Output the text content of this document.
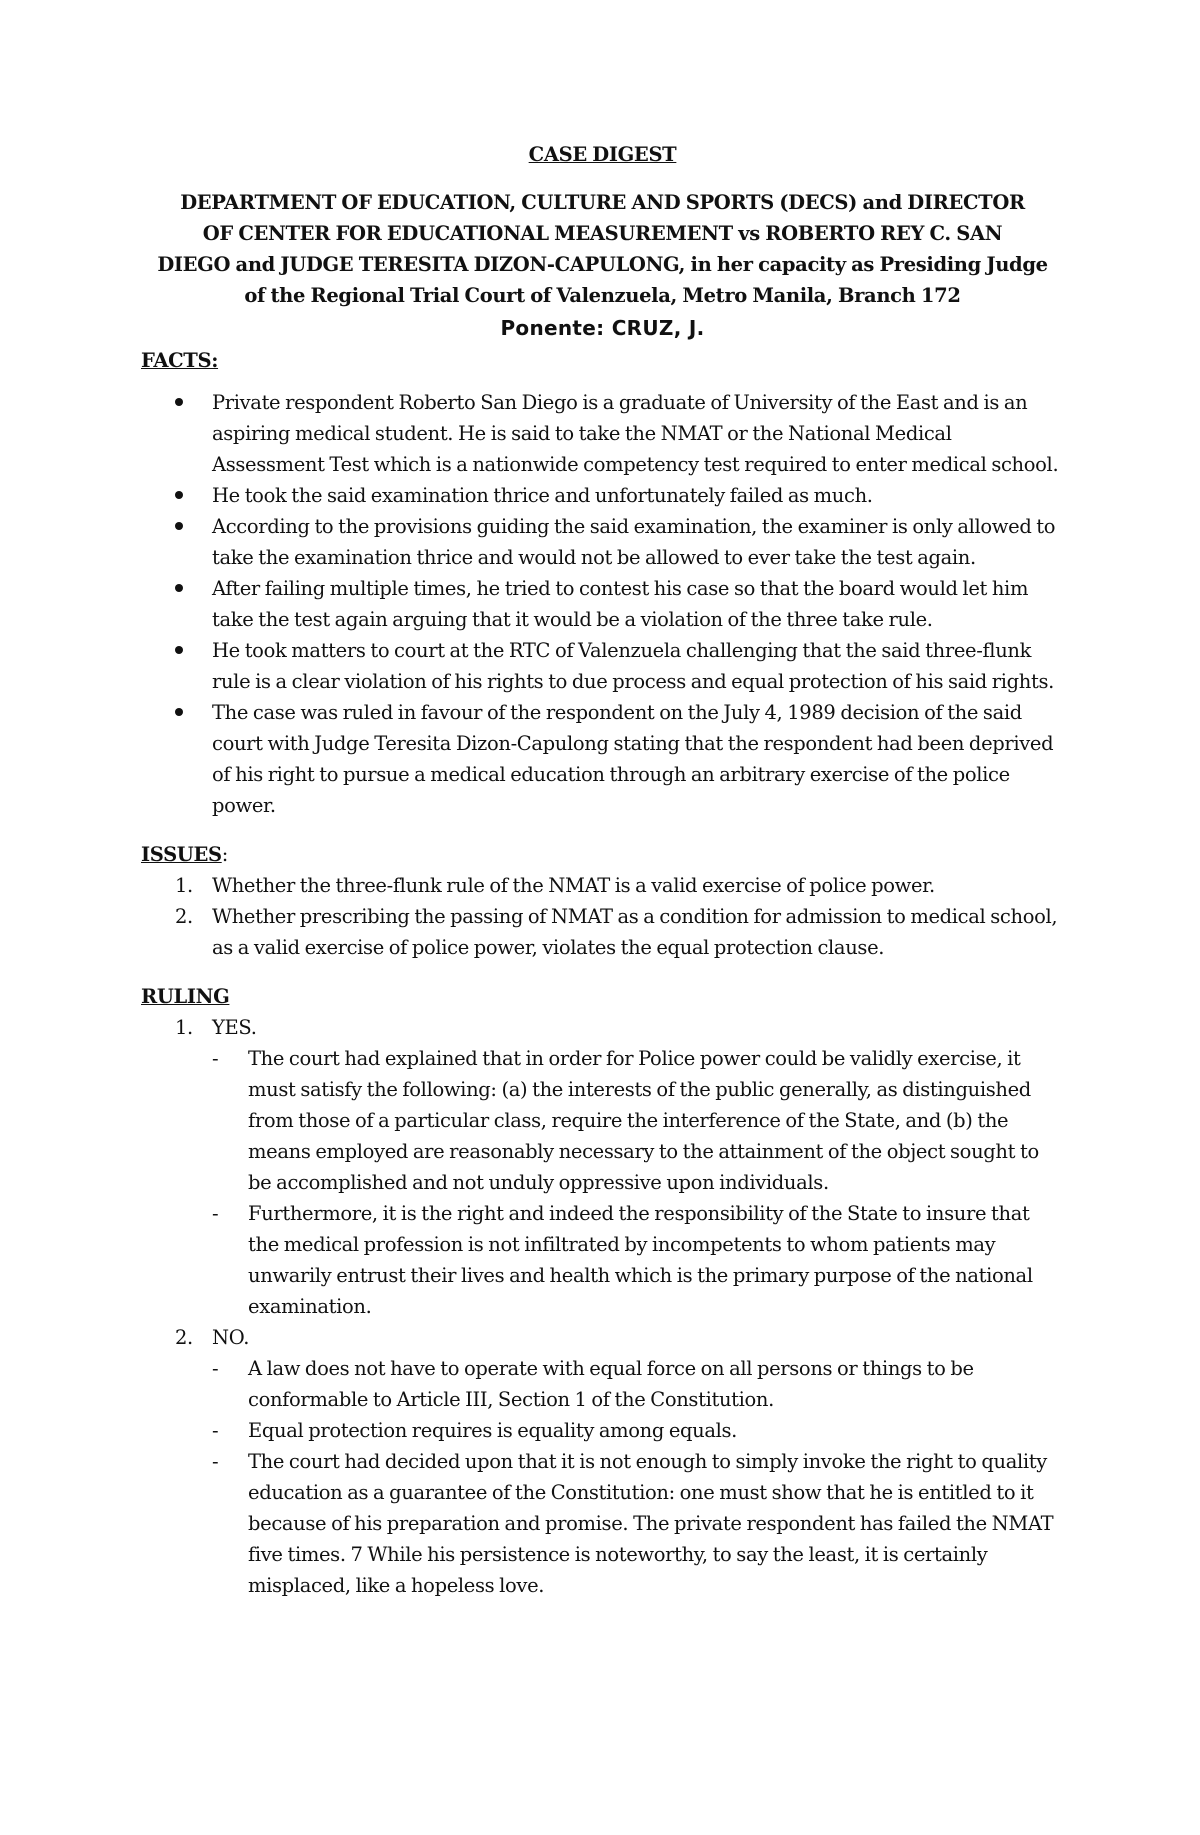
CASE DIGEST
DEPARTMENT OF EDUCATION, CULTURE AND SPORTS (DECS) and DIRECTOR
OF CENTER FOR EDUCATIONAL MEASUREMENT vs ROBERTO REY C. SAN
DIEGO and JUDGE TERESITA DIZON-CAPULONG, in her capacity as Presiding Judge
of the Regional Trial Court of Valenzuela, Metro Manila, Branch 172
Ponente: CRUZ, J.
FACTS:
Private respondent Roberto San Diego is a graduate of University of the East and is an aspiring medical student. He is said to take the NMAT or the National Medical Assessment Test which is a nationwide competency test required to enter medical school.
He took the said examination thrice and unfortunately failed as much.
According to the provisions guiding the said examination, the examiner is only allowed to take the examination thrice and would not be allowed to ever take the test again.
After failing multiple times, he tried to contest his case so that the board would let him take the test again arguing that it would be a violation of the three take rule.
He took matters to court at the RTC of Valenzuela challenging that the said three-flunk rule is a clear violation of his rights to due process and equal protection of his said rights.
The case was ruled in favour of the respondent on the July 4, 1989 decision of the said court with Judge Teresita Dizon-Capulong stating that the respondent had been deprived of his right to pursue a medical education through an arbitrary exercise of the police power.
ISSUES:
1. Whether the three-flunk rule of the NMAT is a valid exercise of police power.
2. Whether prescribing the passing of NMAT as a condition for admission to medical school, as a valid exercise of police power, violates the equal protection clause.
RULING
1. YES.
- The court had explained that in order for Police power could be validly exercise, it must satisfy the following: (a) the interests of the public generally, as distinguished from those of a particular class, require the interference of the State, and (b) the means employed are reasonably necessary to the attainment of the object sought to be accomplished and not unduly oppressive upon individuals.
- Furthermore, it is the right and indeed the responsibility of the State to insure that the medical profession is not infiltrated by incompetents to whom patients may unwarily entrust their lives and health which is the primary purpose of the national examination.
2. NO.
- A law does not have to operate with equal force on all persons or things to be conformable to Article III, Section 1 of the Constitution.
- Equal protection requires is equality among equals.
- The court had decided upon that it is not enough to simply invoke the right to quality education as a guarantee of the Constitution: one must show that he is entitled to it because of his preparation and promise. The private respondent has failed the NMAT five times. 7 While his persistence is noteworthy, to say the least, it is certainly misplaced, like a hopeless love.
